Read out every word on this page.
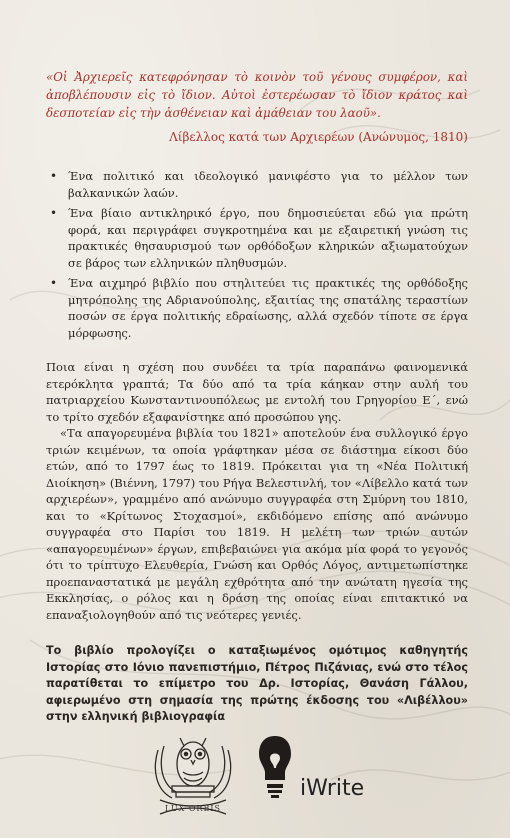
«Οἱ Ἀρχιερεῖς κατεφρόνησαν τὸ κοινὸν τοῦ γένους συμφέρον, καὶ ἀποβλέπουσιν εἰς τὸ ἴδιον. Αὐτοὶ ἐστερέωσαν τὸ ἴδιον κράτος καὶ δεσποτείαν εἰς τὴν ἀσθένειαν καὶ ἀμάθειαν του λαοῦ».

Λίβελλος κατά των Αρχιερέων (Ανώνυμος, 1810)

• Ένα πολιτικό και ιδεολογικό μανιφέστο για το μέλλον των βαλκανικών λαών.
• Ένα βίαιο αντικληρικό έργο, που δημοσιεύεται εδώ για πρώτη φορά, και περιγράφει συγκροτημένα και με εξαιρετική γνώση τις πρακτικές θησαυρισμού των ορθόδοξων κληρικών αξιωματούχων σε βάρος των ελληνικών πληθυσμών.
• Ένα αιχμηρό βιβλίο που στηλιτεύει τις πρακτικές της ορθόδοξης μητρόπολης της Αδριανούπολης, εξαιτίας της σπατάλης τεραστίων ποσών σε έργα πολιτικής εδραίωσης, αλλά σχεδόν τίποτε σε έργα μόρφωσης.

Ποια είναι η σχέση που συνδέει τα τρία παραπάνω φαινομενικά ετερόκλητα γραπτά; Τα δύο από τα τρία κάηκαν στην αυλή του πατριαρχείου Κωνσταντινουπόλεως με εντολή του Γρηγορίου Ε΄, ενώ το τρίτο σχεδόν εξαφανίστηκε από προσώπου γης.

«Τα απαγορευμένα βιβλία του 1821» αποτελούν ένα συλλογικό έργο τριών κειμένων, τα οποία γράφτηκαν μέσα σε διάστημα είκοσι δύο ετών, από το 1797 έως το 1819. Πρόκειται για τη «Νέα Πολιτική Διοίκηση» (Βιέννη, 1797) του Ρήγα Βελεστινλή, τον «Λίβελλο κατά των αρχιερέων», γραμμένο από ανώνυμο συγγραφέα στη Σμύρνη του 1810, και το «Κρίτωνος Στοχασμοί», εκδιδόμενο επίσης από ανώνυμο συγγραφέα στο Παρίσι του 1819. Η μελέτη των τριών αυτών «απαγορευμένων» έργων, επιβεβαιώνει για ακόμα μία φορά το γεγονός ότι το τρίπτυχο Ελευθερία, Γνώση και Ορθός Λόγος, αντιμετωπίστηκε προεπαναστατικά με μεγάλη εχθρότητα από την ανώτατη ηγεσία της Εκκλησίας, ο ρόλος και η δράση της οποίας είναι επιτακτικό να επαναξιολογηθούν από τις νεότερες γενιές.

Το βιβλίο προλογίζει ο καταξιωμένος ομότιμος καθηγητής Ιστορίας στο Ιόνιο πανεπιστήμιο, Πέτρος Πιζάνιας, ενώ στο τέλος παρατίθεται το επίμετρο του Δρ. Ιστορίας, Θανάση Γάλλου, αφιερωμένο στη σημασία της πρώτης έκδοσης του «Λιβέλλου» στην ελληνική βιβλιογραφία

LUX ORBIS
iWrite
